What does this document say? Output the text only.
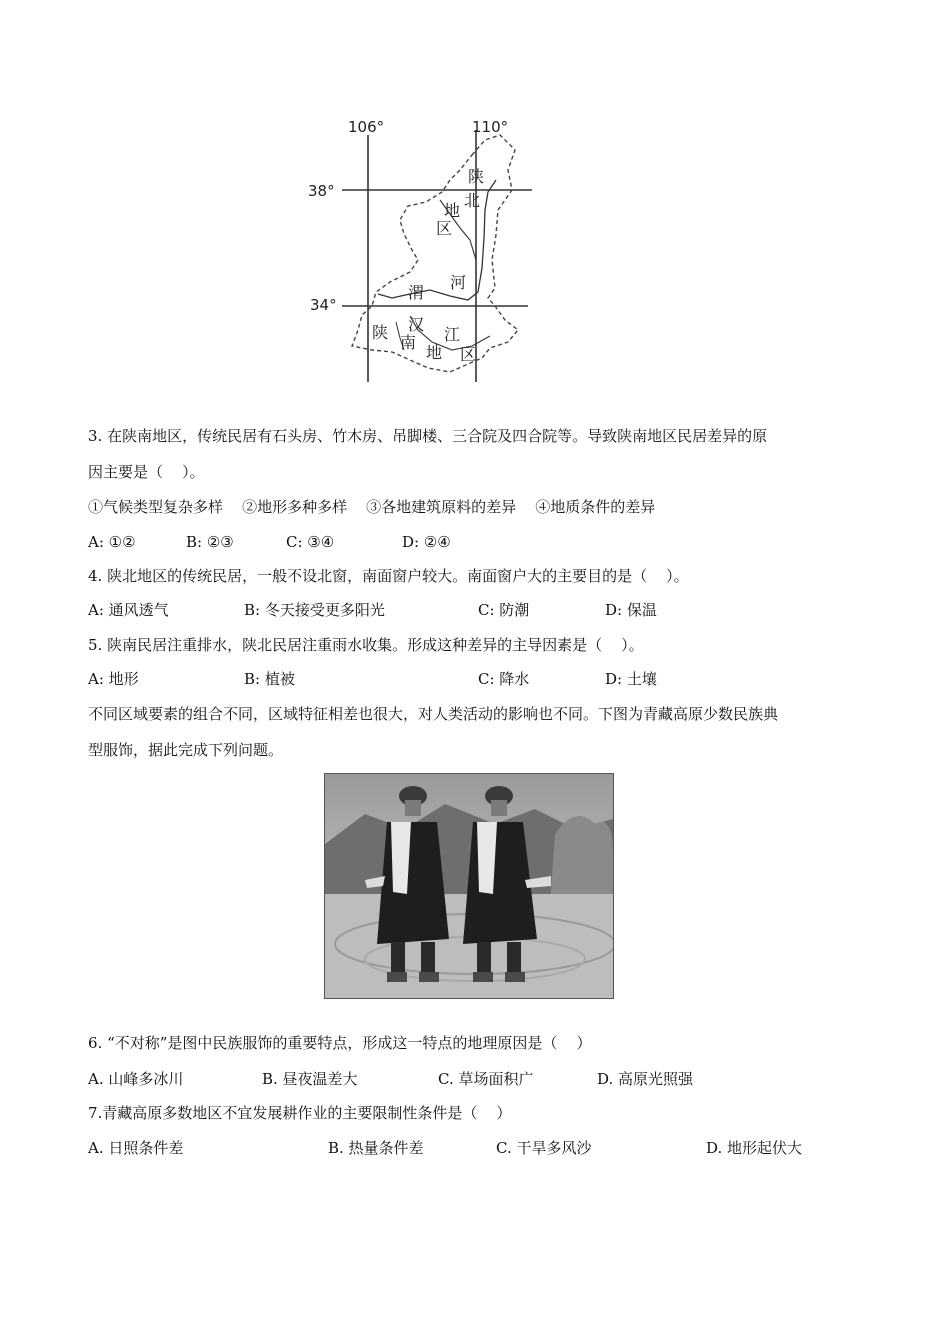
106°	110°
38°
34°
陕
北
地
区
渭
河
陕 汉
南
地
江
区
3. 在陕南地区，传统民居有石头房、竹木房、吊脚楼、三合院及四合院等。导致陕南地区民居差异的原
因主要是（    ）。
①气候类型复杂多样    ②地形多种多样    ③各地建筑原料的差异    ④地质条件的差异
A: ①②	B: ②③	C: ③④	D: ②④
4. 陕北地区的传统民居，一般不设北窗，南面窗户较大。南面窗户大的主要目的是（    ）。
A: 通风透气	B: 冬天接受更多阳光	C: 防潮	D: 保温
5. 陕南民居注重排水，陕北民居注重雨水收集。形成这种差异的主导因素是（    ）。
A: 地形	B: 植被	C: 降水	D: 土壤
不同区域要素的组合不同，区域特征相差也很大，对人类活动的影响也不同。下图为青藏高原少数民族典
型服饰，据此完成下列问题。
6. “不对称”是图中民族服饰的重要特点，形成这一特点的地理原因是（    ）
A. 山峰多冰川	B. 昼夜温差大	C. 草场面积广	D. 高原光照强
7.青藏高原多数地区不宜发展耕作业的主要限制性条件是（    ）
A. 日照条件差	B. 热量条件差	C. 干旱多风沙	D. 地形起伏大
